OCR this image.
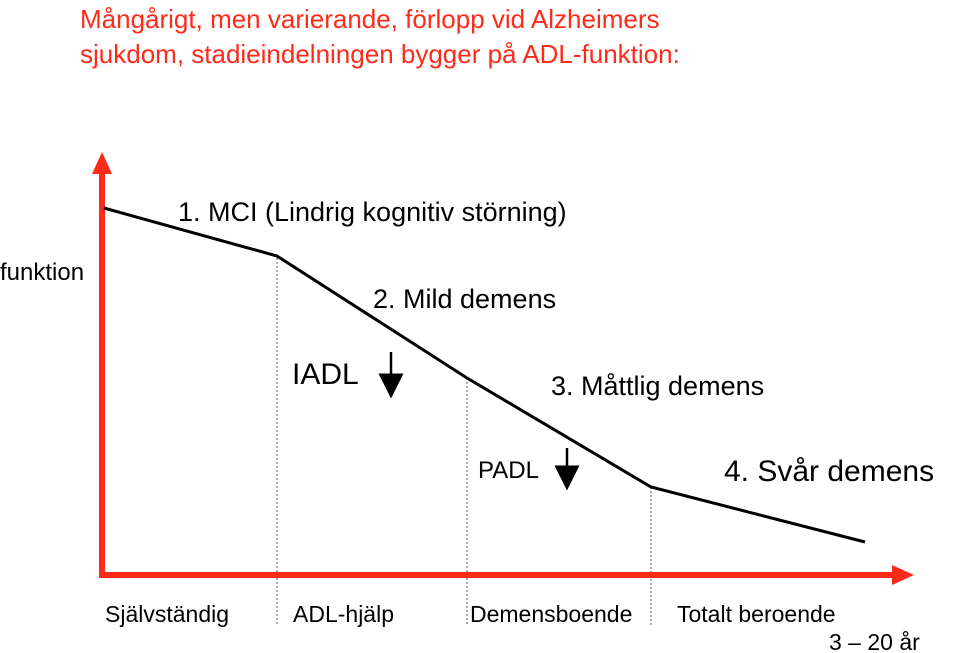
Mångårigt, men varierande, förlopp vid Alzheimers
sjukdom, stadieindelningen bygger på ADL-funktion:
funktion
1. MCI (Lindrig kognitiv störning)
2. Mild demens
3. Måttlig demens
4. Svår demens
IADL
PADL
Självständig	ADL-hjälp	Demensboende Totalt beroende
3 – 20 år
